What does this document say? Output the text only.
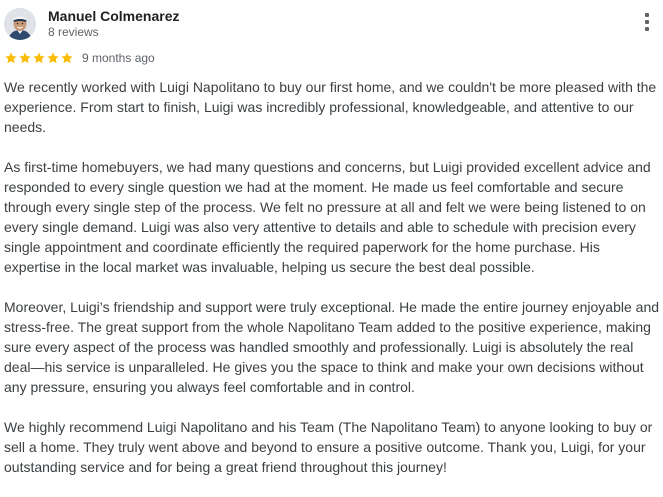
Manuel Colmenarez
8 reviews
9 months ago

We recently worked with Luigi Napolitano to buy our first home, and we couldn't be more pleased with the experience. From start to finish, Luigi was incredibly professional, knowledgeable, and attentive to our needs.

As first-time homebuyers, we had many questions and concerns, but Luigi provided excellent advice and responded to every single question we had at the moment. He made us feel comfortable and secure through every single step of the process. We felt no pressure at all and felt we were being listened to on every single demand. Luigi was also very attentive to details and able to schedule with precision every single appointment and coordinate efficiently the required paperwork for the home purchase. His expertise in the local market was invaluable, helping us secure the best deal possible.

Moreover, Luigi’s friendship and support were truly exceptional. He made the entire journey enjoyable and stress-free. The great support from the whole Napolitano Team added to the positive experience, making sure every aspect of the process was handled smoothly and professionally. Luigi is absolutely the real deal—his service is unparalleled. He gives you the space to think and make your own decisions without any pressure, ensuring you always feel comfortable and in control.

We highly recommend Luigi Napolitano and his Team (The Napolitano Team) to anyone looking to buy or sell a home. They truly went above and beyond to ensure a positive outcome. Thank you, Luigi, for your outstanding service and for being a great friend throughout this journey!
